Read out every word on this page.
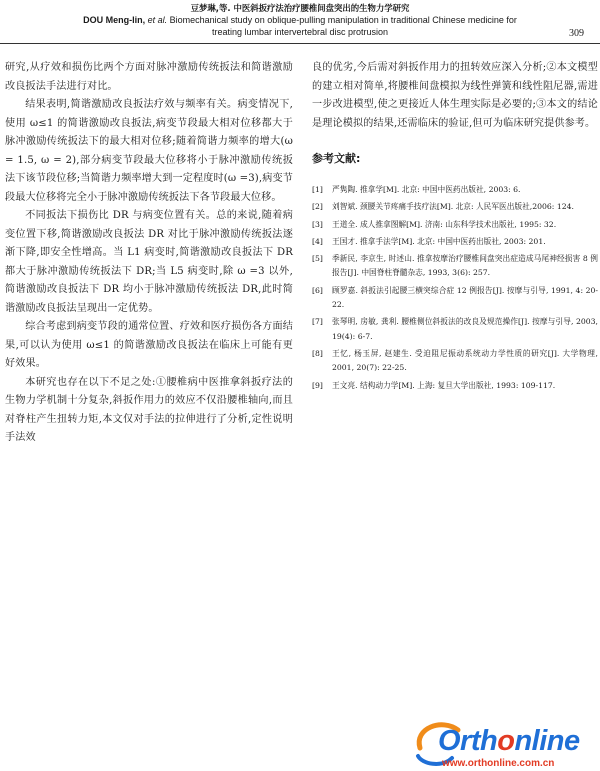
豆梦琳,等. 中医斜扳疗法治疗腰椎间盘突出的生物力学研究
DOU Meng-lin, et al. Biomechanical study on oblique-pulling manipulation in traditional Chinese medicine for
treating lumbar intervertebral disc protrusion	309

研究,从疗效和损伤比两个方面对脉冲激励传统扳法和简谐激励改良扳法手法进行对比。

结果表明,简谐激励改良扳法疗效与频率有关。病变情况下,使用 ω≤1 的简谐激励改良扳法,病变节段最大相对位移都大于脉冲激励传统扳法下的最大相对位移;随着简谐力频率的增大(ω = 1.5, ω = 2),部分病变节段最大位移将小于脉冲激励传统扳法下该节段位移;当简谐力频率增大到一定程度时(ω =3),病变节段最大位移将完全小于脉冲激励传统扳法下各节段最大位移。

不同扳法下损伤比 DR 与病变位置有关。总的来说,随着病变位置下移,简谐激励改良扳法 DR 对比于脉冲激励传统扳法逐渐下降,即安全性增高。当 L1 病变时,简谐激励改良扳法下 DR 都大于脉冲激励传统扳法下 DR;当 L5 病变时,除 ω =3 以外,简谐激励改良扳法下 DR 均小于脉冲激励传统扳法 DR,此时简谐激励改良扳法呈现出一定优势。

综合考虑到病变节段的通常位置、疗效和医疗损伤各方面结果,可以认为使用 ω≤1 的简谐激励改良扳法在临床上可能有更好效果。

本研究也存在以下不足之处:①腰椎病中医推拿斜扳疗法的生物力学机制十分复杂,斜扳作用力的效应不仅沿腰椎轴向,而且对脊柱产生扭转力矩,本文仅对手法的拉伸进行了分析,定性说明手法效

良的优劣,今后需对斜扳作用力的扭转效应深入分析;②本文模型的建立相对简单,将腰椎间盘模拟为线性弹簧和线性阻尼器,需进一步改进模型,使之更接近人体生理实际是必要的;③本文的结论是理论模拟的结果,还需临床的验证,但可为临床研究提供参考。

参考文献:
[1]	严隽陶. 推拿学[M]. 北京: 中国中医药出版社, 2003: 6.
[2]	刘智斌. 颈腰关节疼痛手技疗法[M]. 北京: 人民军医出版社,2006: 124.
[3]	王道全. 成人推拿图解[M]. 济南: 山东科学技术出版社, 1995: 32.
[4]	王国才. 推拿手法学[M]. 北京: 中国中医药出版社, 2003: 201.
[5]	季新民, 李京生, 时述山. 推拿按摩治疗腰椎间盘突出症造成马尾神经损害 8 例报告[J]. 中国脊柱脊髓杂志, 1993, 3(6): 257.
[6]	顾罗嘉. 斜扳法引起腰三横突综合症 12 例报告[J]. 按摩与引导, 1991, 4: 20-22.
[7]	张琴明, 房敏, 龚利. 腰椎侧位斜扳法的改良及规范操作[J]. 按摩与引导, 2003, 19(4): 6-7.
[8]	王忆, 杨玉屏, 赵建生. 受迫阻尼振动系统动力学性质的研究[J]. 大学物理, 2001, 20(7): 22-25.
[9]	王文亮. 结构动力学[M]. 上海: 复旦大学出版社, 1993: 109-117.
Orthonline
www.orthonline.com.cn
